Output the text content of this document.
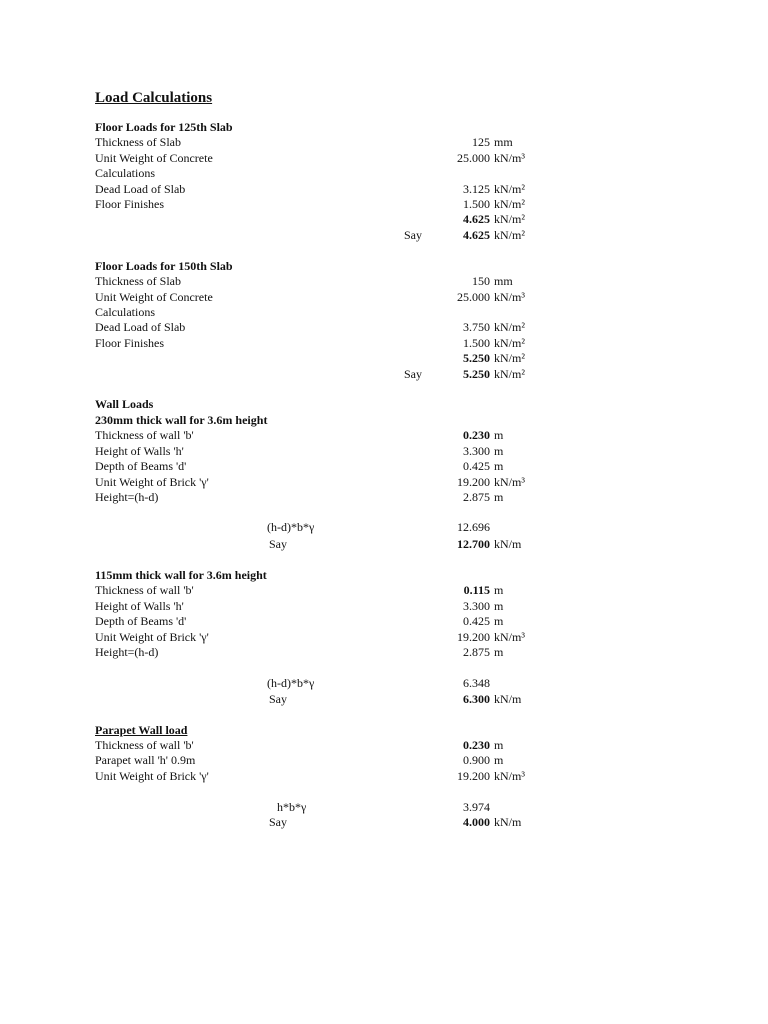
Load Calculations
Floor Loads for 125th Slab
Thickness of Slab	125 mm
Unit Weight of Concrete	25.000 kN/m³
Calculations
Dead Load of Slab	3.125 kN/m²
Floor Finishes	1.500 kN/m²
4.625 kN/m²
Say	4.625 kN/m²
Floor Loads for 150th Slab
Thickness of Slab	150 mm
Unit Weight of Concrete	25.000 kN/m³
Calculations
Dead Load of Slab	3.750 kN/m²
Floor Finishes	1.500 kN/m²
5.250 kN/m²
Say	5.250 kN/m²
Wall Loads
230mm thick wall for 3.6m height
Thickness of wall 'b'	0.230 m
Height of Walls 'h'	3.300 m
Depth of Beams 'd'	0.425 m
Unit Weight of Brick 'γ'	19.200 kN/m³
Height=(h-d)	2.875 m
(h-d)*b*γ	12.696
Say	12.700 kN/m
115mm thick wall for 3.6m height
Thickness of wall 'b'	0.115 m
Height of Walls 'h'	3.300 m
Depth of Beams 'd'	0.425 m
Unit Weight of Brick 'γ'	19.200 kN/m³
Height=(h-d)	2.875 m
(h-d)*b*γ	6.348
Say	6.300 kN/m
Parapet Wall load
Thickness of wall 'b'	0.230 m
Parapet wall 'h' 0.9m	0.900 m
Unit Weight of Brick 'γ'	19.200 kN/m³
h*b*γ	3.974
Say	4.000 kN/m
